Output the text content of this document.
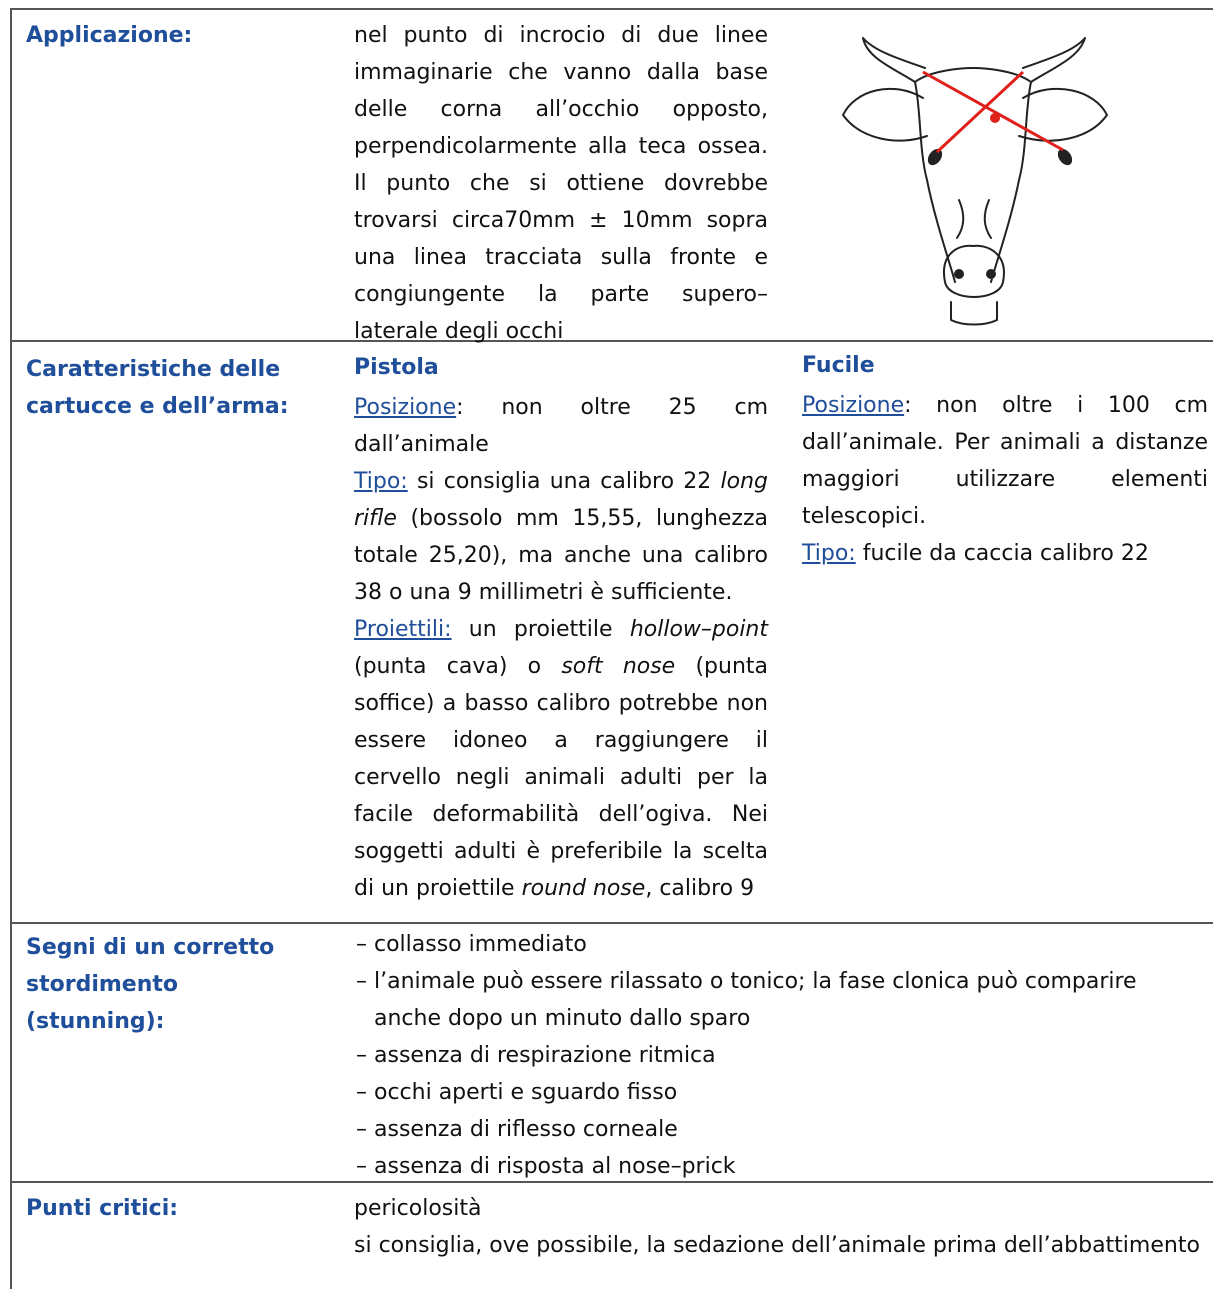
Applicazione:	nel punto di incrocio di due linee immaginarie che vanno dalla base delle corna all’occhio opposto, perpendicolarmente alla teca ossea. Il punto che si ottiene dovrebbe trovarsi circa70mm ± 10mm sopra una linea tracciata sulla fronte e congiungente la parte supero–laterale degli occhi
Caratteristiche delle cartucce e dell’arma:
Pistola

Posizione: non oltre 25 cm dall’animale

Tipo: si consiglia una calibro 22 long rifle (bossolo mm 15,55, lunghezza totale 25,20), ma anche una calibro 38 o una 9 millimetri è sufficiente.

Proiettili: un proiettile hollow–point (punta cava) o soft nose (punta soffice) a basso calibro potrebbe non essere idoneo a raggiungere il cervello negli animali adulti per la facile deformabilità dell’ogiva. Nei soggetti adulti è preferibile la scelta di un proiettile round nose, calibro 9

Fucile

Posizione: non oltre i 100 cm dall’animale. Per animali a distanze maggiori utilizzare elementi telescopici.

Tipo: fucile da caccia calibro 22

Segni di un corretto stordimento (stunning):
– collasso immediato
– l’animale può essere rilassato o tonico; la fase clonica può comparire anche dopo un minuto dallo sparo
– assenza di respirazione ritmica
– occhi aperti e sguardo fisso
– assenza di riflesso corneale
– assenza di risposta al nose–prick
Punti critici:	pericolosità

si consiglia, ove possibile, la sedazione dell’animale prima dell’abbattimento
